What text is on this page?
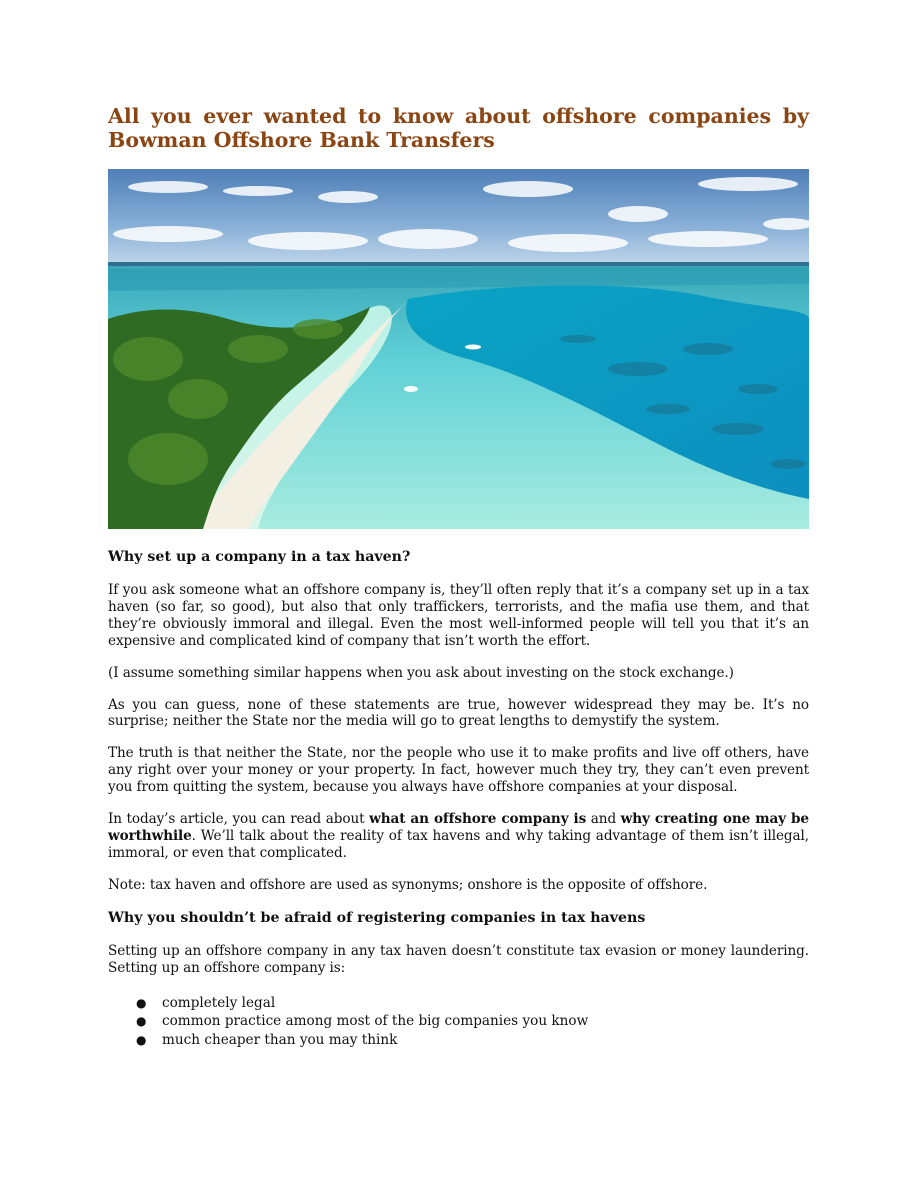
All you ever wanted to know about offshore companies by Bowman Offshore Bank Transfers
Why set up a company in a tax haven?

If you ask someone what an offshore company is, they’ll often reply that it’s a company set up in a tax haven (so far, so good), but also that only traffickers, terrorists, and the mafia use them, and that they’re obviously immoral and illegal. Even the most well-informed people will tell you that it’s an expensive and complicated kind of company that isn’t worth the effort.

(I assume something similar happens when you ask about investing on the stock exchange.)

As you can guess, none of these statements are true, however widespread they may be. It’s no surprise; neither the State nor the media will go to great lengths to demystify the system.

The truth is that neither the State, nor the people who use it to make profits and live off others, have any right over your money or your property. In fact, however much they try, they can’t even prevent you from quitting the system, because you always have offshore companies at your disposal.

In today’s article, you can read about what an offshore company is and why creating one may be worthwhile. We’ll talk about the reality of tax havens and why taking advantage of them isn’t illegal, immoral, or even that complicated.

Note: tax haven and offshore are used as synonyms; onshore is the opposite of offshore.

Why you shouldn’t be afraid of registering companies in tax havens

Setting up an offshore company in any tax haven doesn’t constitute tax evasion or money laundering. Setting up an offshore company is:

● completely legal
● common practice among most of the big companies you know
● much cheaper than you may think
